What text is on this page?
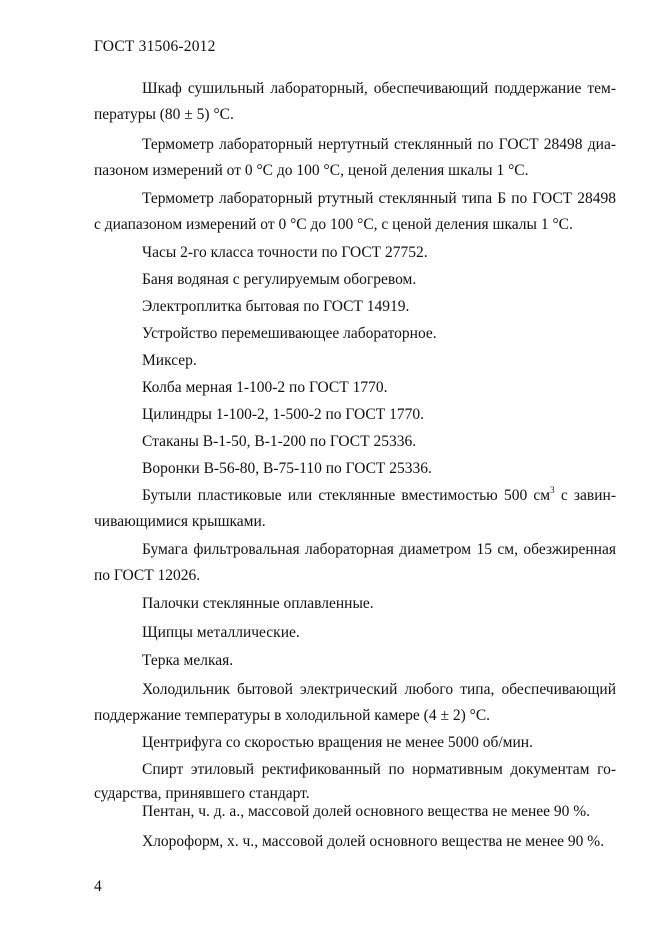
ГОСТ 31506-2012
Шкаф сушильный лабораторный, обеспечивающий поддержание тем-
пературы (80 ± 5) °С.
Термометр лабораторный нертутный стеклянный по ГОСТ 28498 диа-
пазоном измерений от 0 °С до 100 °С, ценой деления шкалы 1 °С.
Термометр лабораторный ртутный стеклянный типа Б по ГОСТ 28498
с диапазоном измерений от 0 °С до 100 °С, с ценой деления шкалы 1 °С.
Часы 2-го класса точности по ГОСТ 27752.
Баня водяная с регулируемым обогревом.
Электроплитка бытовая по ГОСТ 14919.
Устройство перемешивающее лабораторное.
Миксер.
Колба мерная 1-100-2 по ГОСТ 1770.
Цилиндры 1-100-2, 1-500-2 по ГОСТ 1770.
Стаканы В-1-50, В-1-200 по ГОСТ 25336.
Воронки В-56-80, В-75-110 по ГОСТ 25336.
Бутыли пластиковые или стеклянные вместимостью 500 $см^3$ с завин-
чивающимися крышками.
Бумага фильтровальная лабораторная диаметром 15 см, обезжиренная
по ГОСТ 12026.
Палочки стеклянные оплавленные.
Щипцы металлические.
Терка мелкая.
Холодильник бытовой электрический любого типа, обеспечивающий
поддержание температуры в холодильной камере (4 ± 2) °С.
Центрифуга со скоростью вращения не менее 5000 об/мин.
Спирт этиловый ректификованный по нормативным документам го-
сударства, принявшего стандарт.
Пентан, ч. д. а., массовой долей основного вещества не менее 90 %.
Хлороформ, х. ч., массовой долей основного вещества не менее 90 %.
4
